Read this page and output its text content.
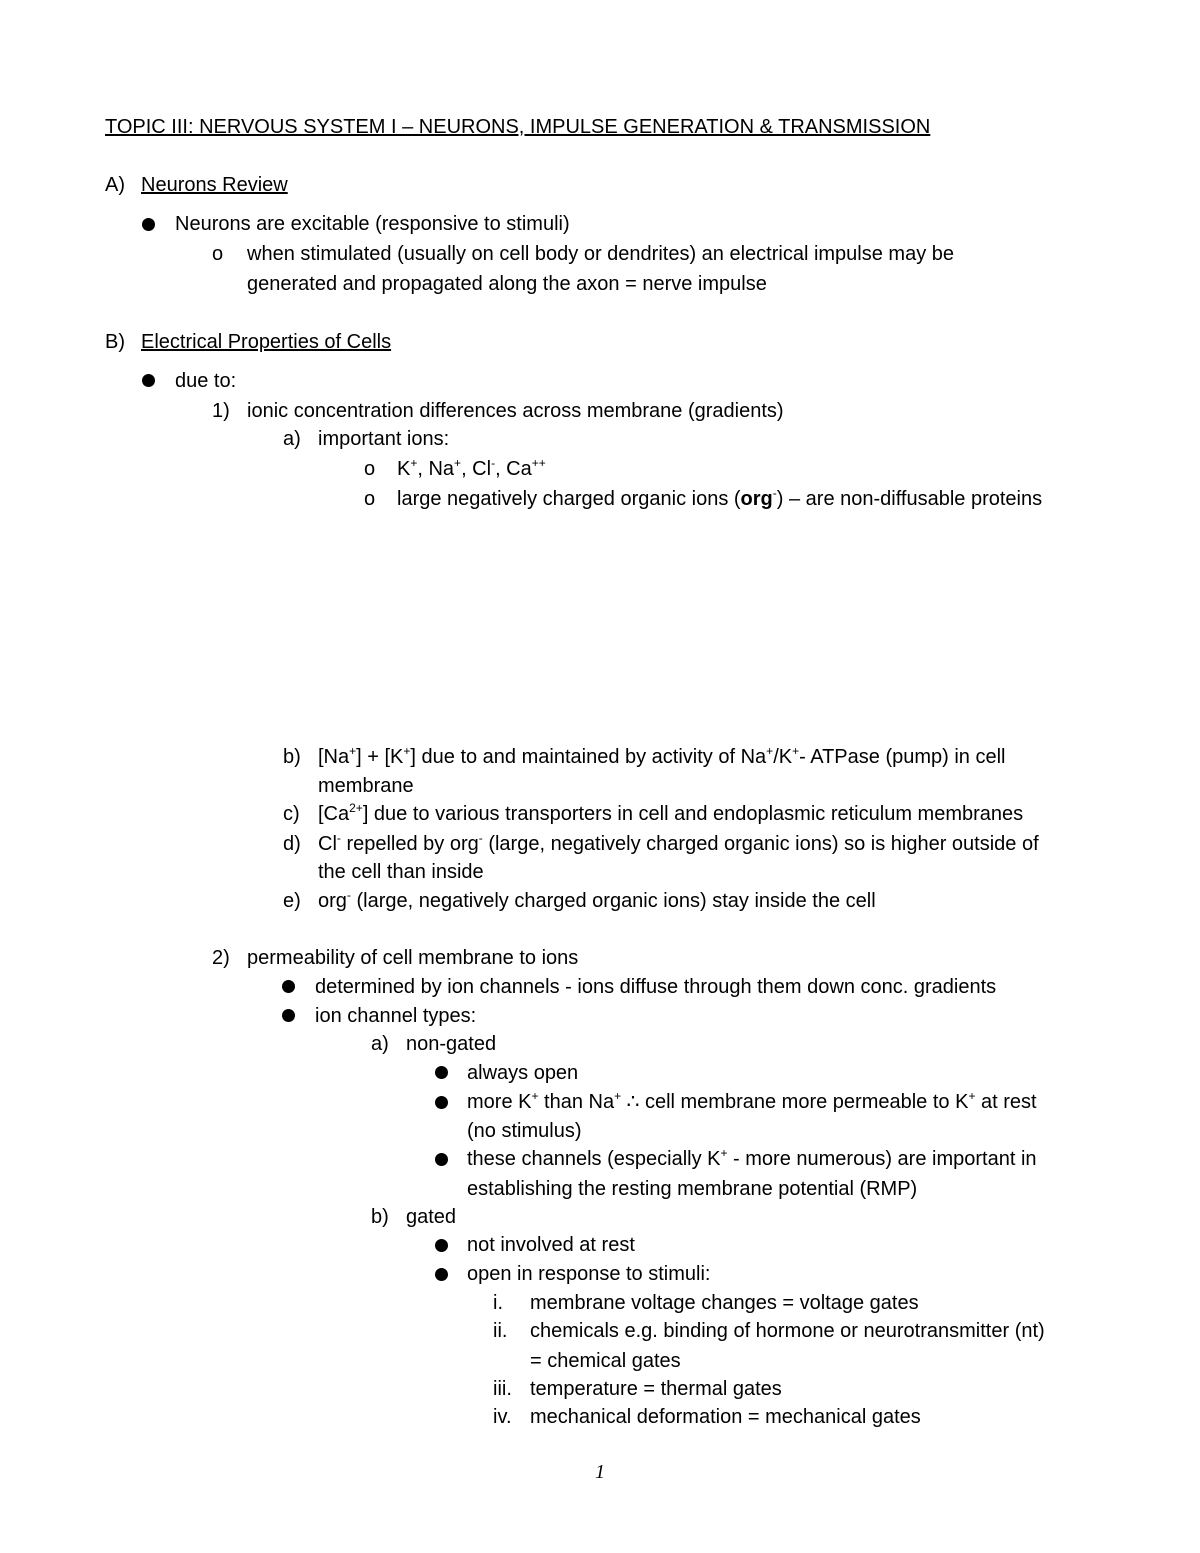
TOPIC III: NERVOUS SYSTEM I – NEURONS, IMPULSE GENERATION & TRANSMISSION
A) Neurons Review
Neurons are excitable (responsive to stimuli)
o when stimulated (usually on cell body or dendrites) an electrical impulse may be
generated and propagated along the axon = nerve impulse
B) Electrical Properties of Cells
due to:
1) ionic concentration differences across membrane (gradients)
a) important ions:
o K+, Na+, Cl-, Ca++
o large negatively charged organic ions (org-) – are non-diffusable proteins
b) [Na+] + [K+] due to and maintained by activity of Na+/K+- ATPase (pump) in cell
membrane
c) $[Ca^{2+}]$ due to various transporters in cell and endoplasmic reticulum membranes
d) Cl- repelled by org- (large, negatively charged organic ions) so is higher outside of
the cell than inside
e) org- (large, negatively charged organic ions) stay inside the cell
2) permeability of cell membrane to ions
determined by ion channels - ions diffuse through them down conc. gradients
ion channel types:
a) non-gated
always open
more K+ than Na+ ∴ cell membrane more permeable to K+ at rest
(no stimulus)
these channels (especially K+ - more numerous) are important in
establishing the resting membrane potential (RMP)
b) gated
not involved at rest
open in response to stimuli:
i. membrane voltage changes = voltage gates
ii. chemicals e.g. binding of hormone or neurotransmitter (nt)
= chemical gates
iii. temperature = thermal gates
iv. mechanical deformation = mechanical gates
1
